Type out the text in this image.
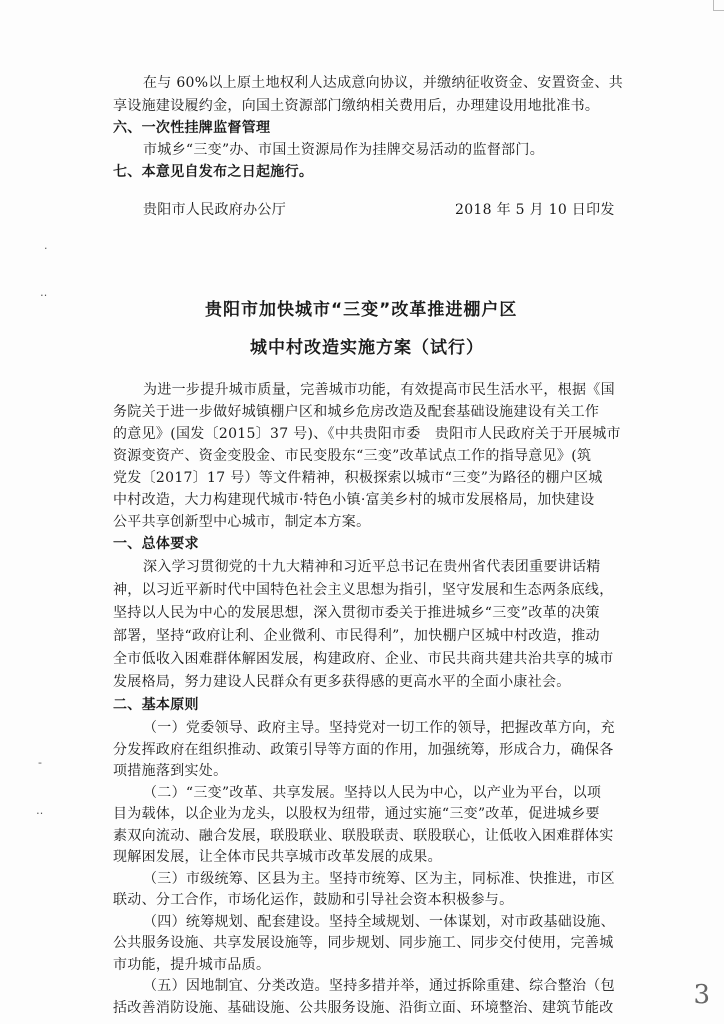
在与 60%以上原土地权利人达成意向协议，并缴纳征收资金、安置资金、共
享设施建设履约金，向国土资源部门缴纳相关费用后，办理建设用地批准书。
六、一次性挂牌监督管理
市城乡“三变”办、市国土资源局作为挂牌交易活动的监督部门。
七、本意见自发布之日起施行。
贵阳市人民政府办公厅	2018 年 5 月 10 日印发
·
‥
-
‥
贵阳市加快城市“三变”改革推进棚户区
城中村改造实施方案（试行）
为进一步提升城市质量，完善城市功能，有效提高市民生活水平，根据《国
务院关于进一步做好城镇棚户区和城乡危房改造及配套基础设施建设有关工作
的意见》(国发〔2015〕37 号)、《中共贵阳市委　贵阳市人民政府关于开展城市
资源变资产、资金变股金、市民变股东“三变”改革试点工作的指导意见》(筑
党发〔2017〕17 号）等文件精神，积极探索以城市“三变”为路径的棚户区城
中村改造，大力构建现代城市·特色小镇·富美乡村的城市发展格局，加快建设
公平共享创新型中心城市，制定本方案。
一、总体要求
深入学习贯彻党的十九大精神和习近平总书记在贵州省代表团重要讲话精
神，以习近平新时代中国特色社会主义思想为指引，坚守发展和生态两条底线，
坚持以人民为中心的发展思想，深入贯彻市委关于推进城乡“三变”改革的决策
部署，坚持“政府让利、企业微利、市民得利”，加快棚户区城中村改造，推动
全市低收入困难群体解困发展，构建政府、企业、市民共商共建共治共享的城市
发展格局，努力建设人民群众有更多获得感的更高水平的全面小康社会。
二、基本原则
（一）党委领导、政府主导。坚持党对一切工作的领导，把握改革方向，充
分发挥政府在组织推动、政策引导等方面的作用，加强统筹，形成合力，确保各
项措施落到实处。
（二）“三变”改革、共享发展。坚持以人民为中心，以产业为平台，以项
目为载体，以企业为龙头，以股权为纽带，通过实施“三变”改革，促进城乡要
素双向流动、融合发展，联股联业、联股联责、联股联心，让低收入困难群体实
现解困发展，让全体市民共享城市改革发展的成果。
（三）市级统筹、区县为主。坚持市统筹、区为主，同标准、快推进，市区
联动、分工合作，市场化运作，鼓励和引导社会资本积极参与。
（四）统筹规划、配套建设。坚持全域规划、一体谋划，对市政基础设施、
公共服务设施、共享发展设施等，同步规划、同步施工、同步交付使用，完善城
市功能，提升城市品质。
（五）因地制宜、分类改造。坚持多措并举，通过拆除重建、综合整治（包
括改善消防设施、基础设施、公共服务设施、沿街立面、环境整治、建筑节能改	3
